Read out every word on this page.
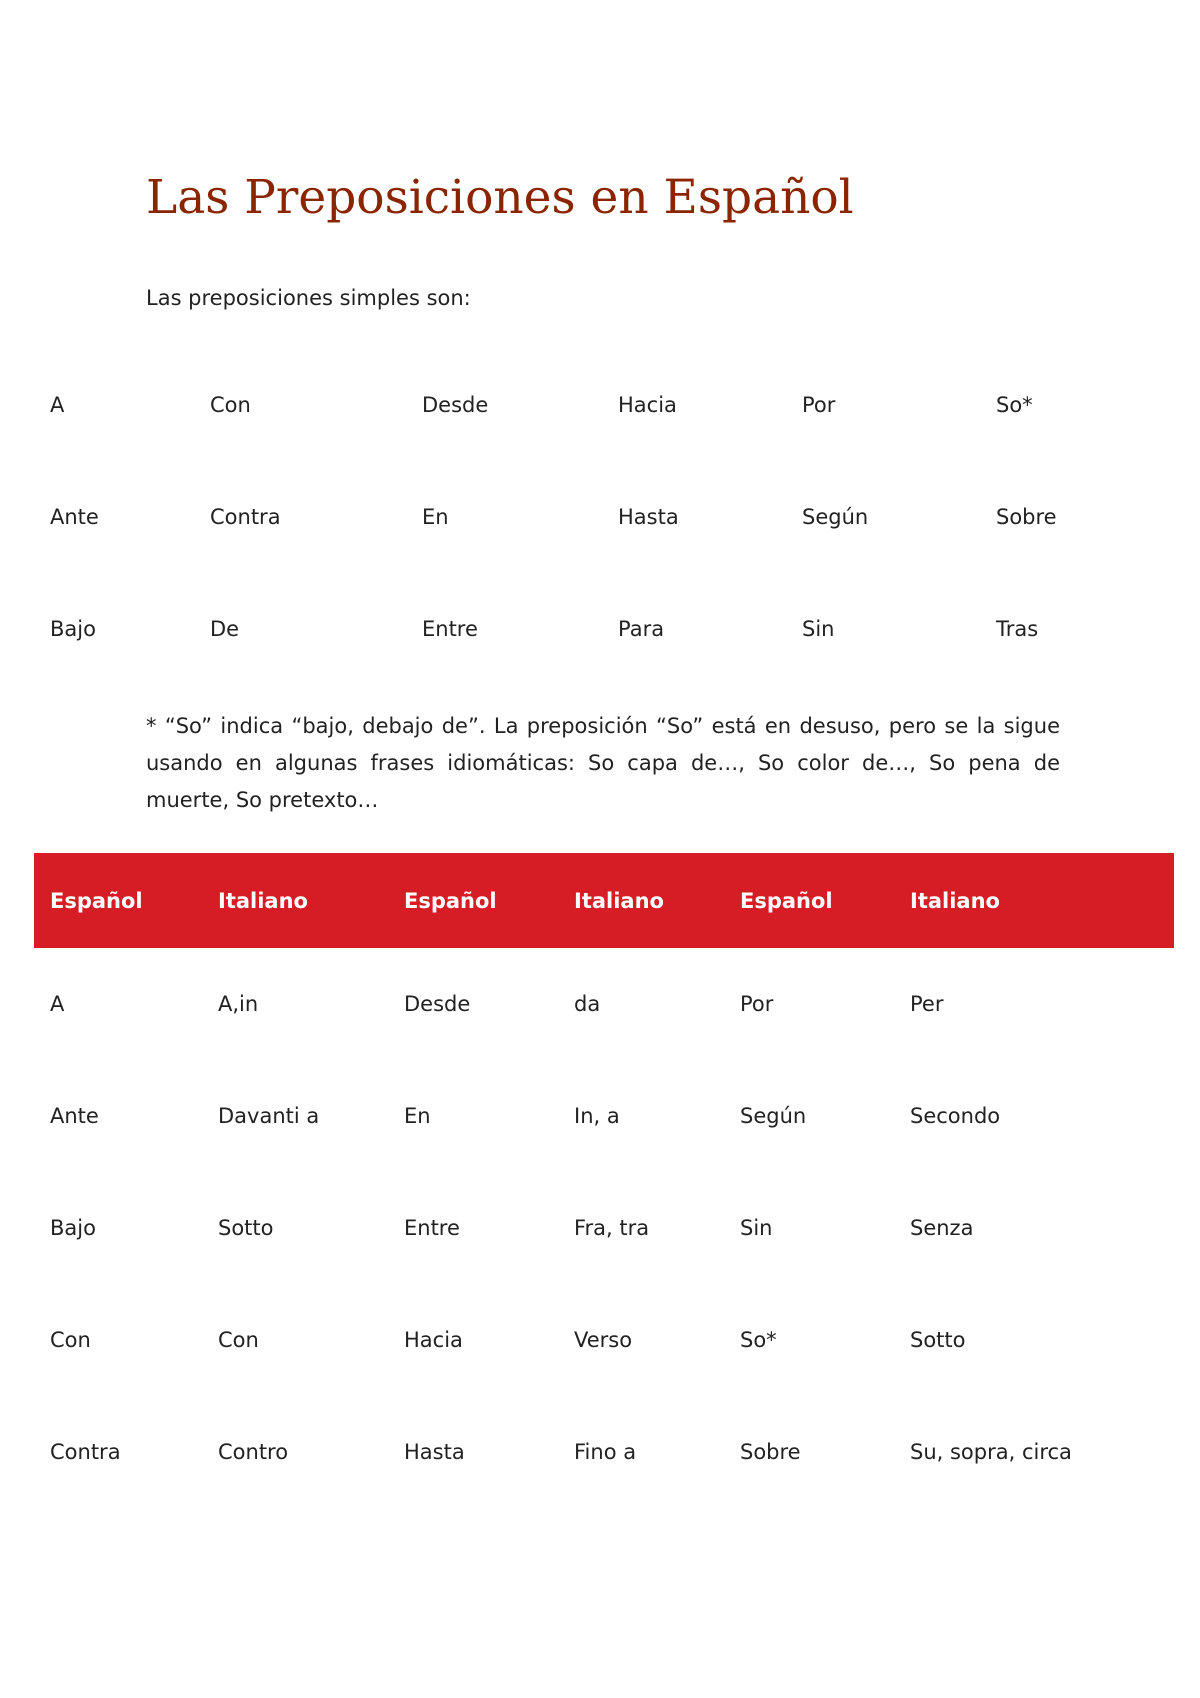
Las Preposiciones en Español

Las preposiciones simples son:

A	Con	Desde	Hacia	Por	So*
Ante	Contra	En	Hasta	Según	Sobre
Bajo	De	Entre	Para	Sin	Tras

* “So” indica “bajo, debajo de”. La preposición “So” está en desuso, pero se la sigue usando en algunas frases idiomáticas: So capa de…, So color de…, So pena de muerte, So pretexto…

Español	Italiano	Español	Italiano	Español	Italiano
A	A,in	Desde	da	Por	Per
Ante	Davanti a	En	In, a	Según	Secondo
Bajo	Sotto	Entre	Fra, tra	Sin	Senza
Con	Con	Hacia	Verso	So*	Sotto
Contra	Contro	Hasta	Fino a	Sobre	Su, sopra, circa
